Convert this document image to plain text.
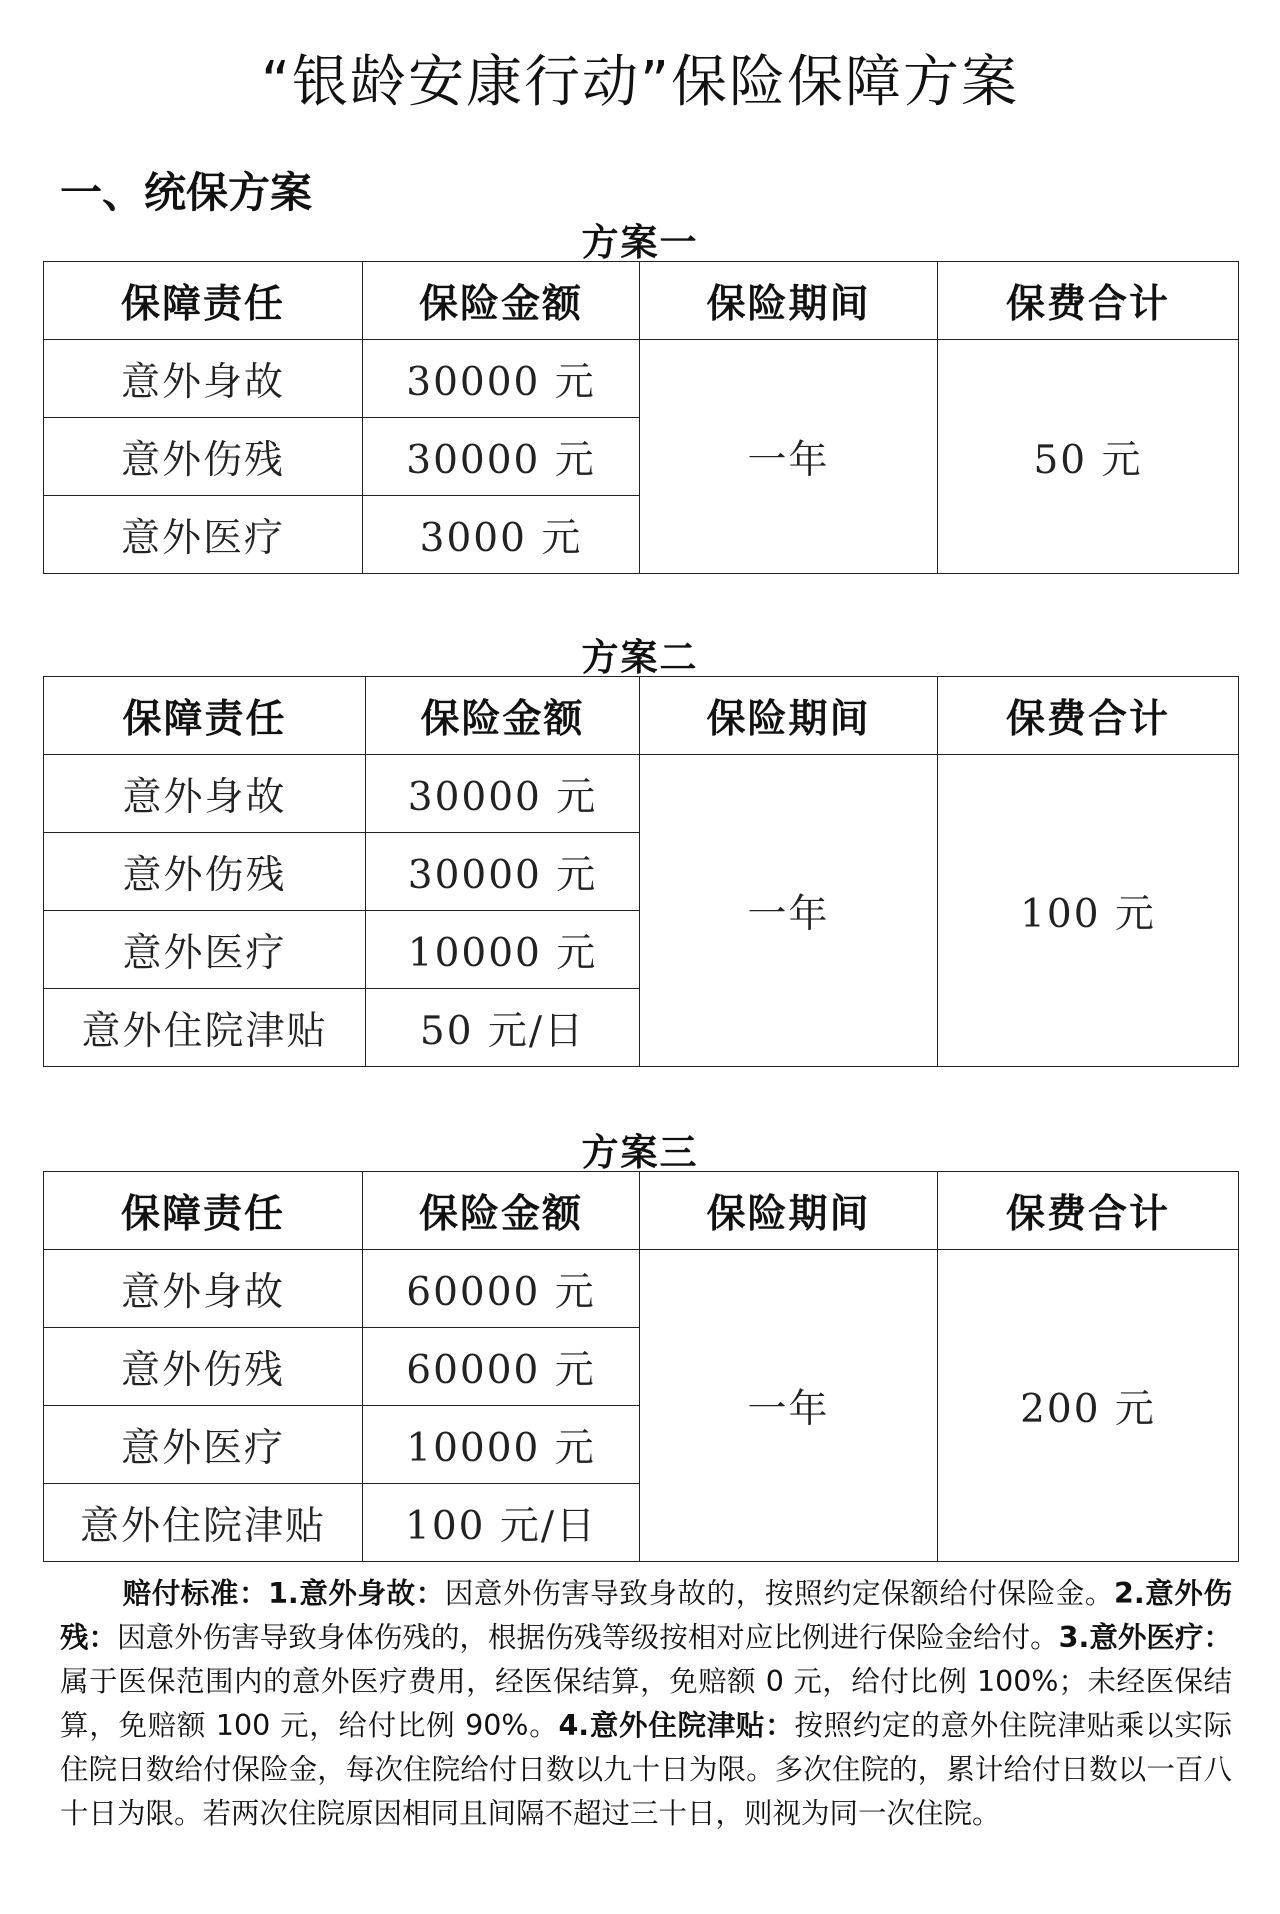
“银龄安康行动”保险保障方案
一、统保方案
方案一
保障责任	保险金额	保险期间	保费合计
意外身故	30000 元	一年	50 元
意外伤残	30000 元		
意外医疗	3000 元		
方案二
保障责任	保险金额	保险期间	保费合计
意外身故	30000 元	一年	100 元
意外伤残	30000 元		
意外医疗	10000 元		
意外住院津贴	50 元/日		
方案三
保障责任	保险金额	保险期间	保费合计
意外身故	60000 元	一年	200 元
意外伤残	60000 元		
意外医疗	10000 元		
意外住院津贴	100 元/日		
赔付标准：1.意外身故：因意外伤害导致身故的，按照约定保额给付保险金。2.意外伤残：因意外伤害导致身体伤残的，根据伤残等级按相对应比例进行保险金给付。3.意外医疗：属于医保范围内的意外医疗费用，经医保结算，免赔额 0 元，给付比例 100%；未经医保结算，免赔额 100 元，给付比例 90%。4.意外住院津贴：按照约定的意外住院津贴乘以实际住院日数给付保险金，每次住院给付日数以九十日为限。多次住院的，累计给付日数以一百八十日为限。若两次住院原因相同且间隔不超过三十日，则视为同一次住院。
